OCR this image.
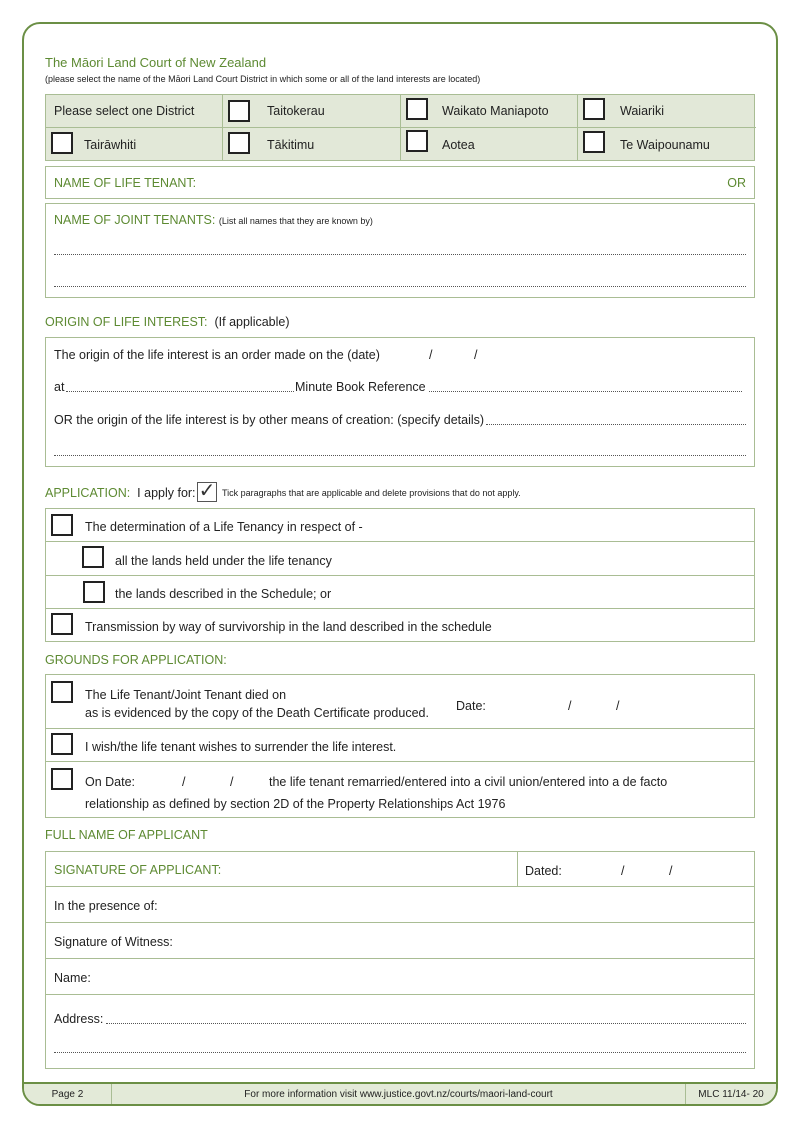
Page 2	For more information visit www.justice.govt.nz/courts/maori-land-court	MLC 11/14- 20
The Māori Land Court of New Zealand
(please select the name of the Māori Land Court District in which some or all of the land interests are located)
Please select one District	Taitokerau	Waikato Maniapoto	Waiariki
Tairāwhiti	Tākitimu	Aotea	Te Waipounamu
NAME OF LIFE TENANT:	OR
NAME OF JOINT TENANTS: (List all names that they are known by)
ORIGIN OF LIFE INTEREST: (If applicable)
The origin of the life interest is an order made on the (date)	/	/
at	Minute Book Reference
OR the origin of the life interest is by other means of creation: (specify details)
APPLICATION: I apply for: ✓ Tick paragraphs that are applicable and delete provisions that do not apply.
The determination of a Life Tenancy in respect of -
all the lands held under the life tenancy
the lands described in the Schedule; or
Transmission by way of survivorship in the land described in the schedule
GROUNDS FOR APPLICATION:
The Life Tenant/Joint Tenant died on
as is evidenced by the copy of the Death Certificate produced. Date:	/	/
I wish/the life tenant wishes to surrender the life interest.
On Date:	/	/	the life tenant remarried/entered into a civil union/entered into a de facto
relationship as defined by section 2D of the Property Relationships Act 1976
FULL NAME OF APPLICANT
SIGNATURE OF APPLICANT:	Dated:	/	/
In the presence of:
Signature of Witness:
Name:
Address:
